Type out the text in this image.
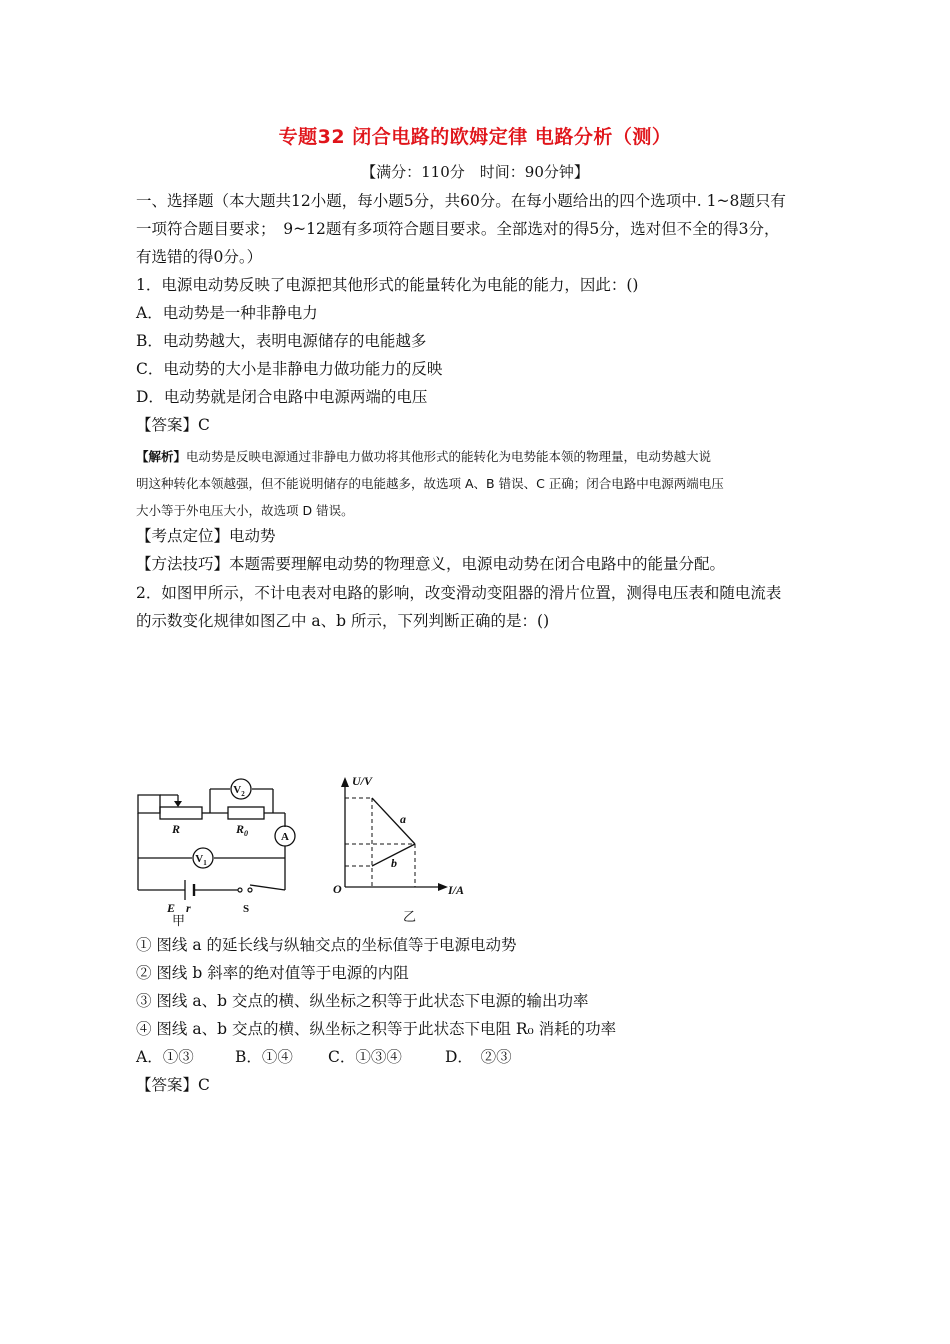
专题32 闭合电路的欧姆定律 电路分析（测）
【满分：110分　时间：90分钟】
一、选择题（本大题共12小题，每小题5分，共60分。在每小题给出的四个选项中. 1~8题只有
一项符合题目要求；　9~12题有多项符合题目要求。全部选对的得5分，选对但不全的得3分，
有选错的得0分。）
1．电源电动势反映了电源把其他形式的能量转化为电能的能力，因此：()
A．电动势是一种非静电力
B．电动势越大，表明电源储存的电能越多
C．电动势的大小是非静电力做功能力的反映
D．电动势就是闭合电路中电源两端的电压
【答案】C
【解析】电动势是反映电源通过非静电力做功将其他形式的能转化为电势能本领的物理量，电动势越大说
明这种转化本领越强，但不能说明储存的电能越多，故选项 A、B 错误、C 正确；闭合电路中电源两端电压
大小等于外电压大小，故选项 D 错误。
【考点定位】电动势
【方法技巧】本题需要理解电动势的物理意义，电源电动势在闭合电路中的能量分配。
2．如图甲所示，不计电表对电路的影响，改变滑动变阻器的滑片位置，测得电压表和随电流表
的示数变化规律如图乙中 a、b 所示，下列判断正确的是：()
R	$R_0$
E r
$V_2$
$V_1$
A
S
甲
U/V
I/A
O
a
b
乙
① 图线 a 的延长线与纵轴交点的坐标值等于电源电动势
② 图线 b 斜率的绝对值等于电源的内阻
③ 图线 a、b 交点的横、纵坐标之积等于此状态下电源的输出功率
④ 图线 a、b 交点的横、纵坐标之积等于此状态下电阻 R₀ 消耗的功率
A．①③	B．①④ C．①③④	D．　②③
【答案】C
